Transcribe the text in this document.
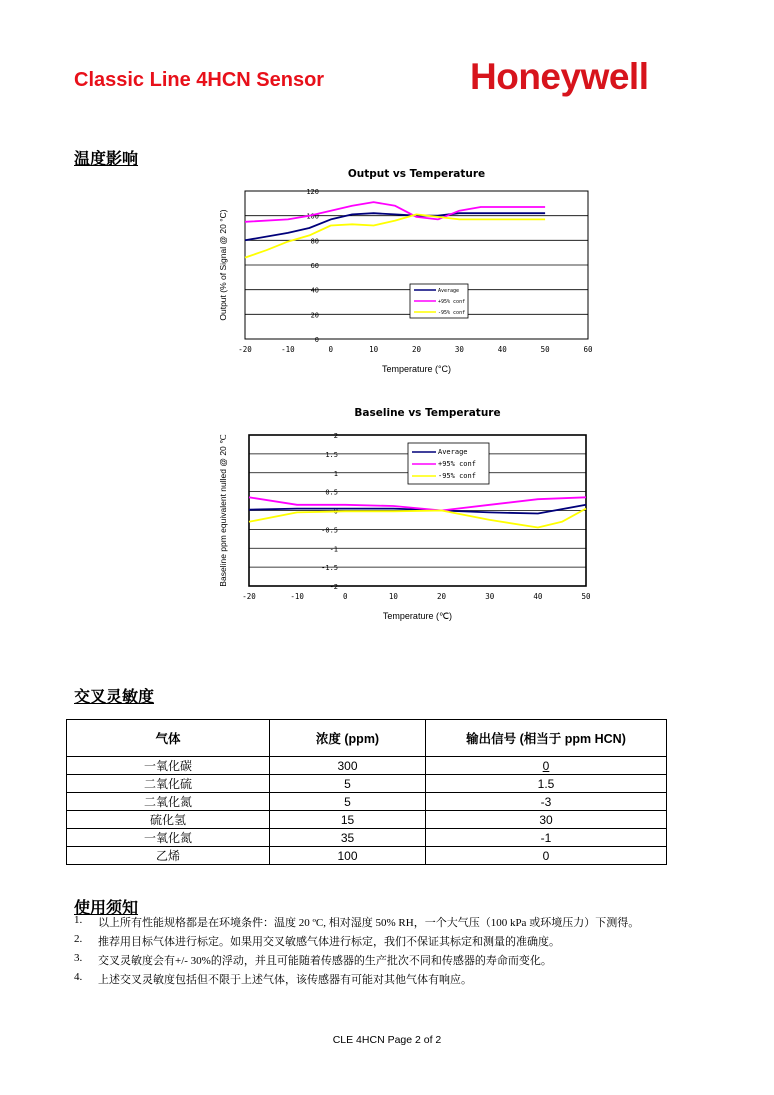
Classic Line 4HCN Sensor	Honeywell
温度影响
Output vs Temperature
0
20
40
60
80
100
120
-20	-10	0	10	20	30	40	50	60
Temperature (°C)
Output (% of Signal @ 20 °C)	Average
+95% conf
-95% conf
Baseline vs Temperature
2
1.5
1
0.5
0
-0.5
-1
-1.5
-2
-20	-10	0	10	20	30	40	50
Temperature (℃)
Baseline ppm equivalent nulled @ 20 ℃	Average
+95% conf
-95% conf
交叉灵敏度
气体	浓度 (ppm)	输出信号 (相当于 ppm HCN)
一氧化碳	300	0
二氧化硫	5	1.5
二氧化氮	5	-3
硫化氢	15	30
一氧化氮	35	-1
乙烯	100	0
使用须知
1.	以上所有性能规格都是在环境条件：温度 20 ºC, 相对湿度 50% RH，一个大气压（100 kPa 或环境压力）下测得。
2.	推荐用目标气体进行标定。如果用交叉敏感气体进行标定，我们不保证其标定和测量的准确度。
3.	交叉灵敏度会有+/- 30%的浮动，并且可能随着传感器的生产批次不同和传感器的寿命而变化。
4.	上述交叉灵敏度包括但不限于上述气体，该传感器有可能对其他气体有响应。
CLE 4HCN Page 2 of 2
